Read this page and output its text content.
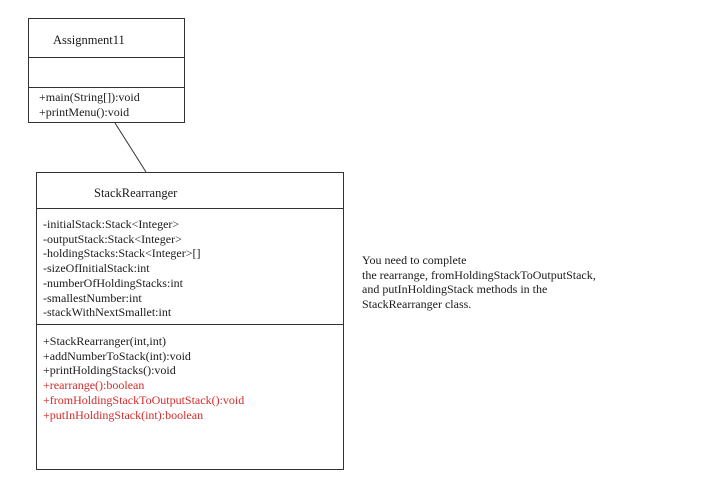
Assignment11
+main(String[]):void
+printMenu():void
StackRearranger
-initialStack:Stack<Integer>
-outputStack:Stack<Integer>
-holdingStacks:Stack<Integer>[]
-sizeOfInitialStack:int
-numberOfHoldingStacks:int
-smallestNumber:int
-stackWithNextSmallet:int
+StackRearranger(int,int)
+addNumberToStack(int):void
+printHoldingStacks():void
+rearrange():boolean
+fromHoldingStackToOutputStack():void
+putInHoldingStack(int):boolean
You need to complete
the rearrange, fromHoldingStackToOutputStack,
and putInHoldingStack methods in the
StackRearranger class.
